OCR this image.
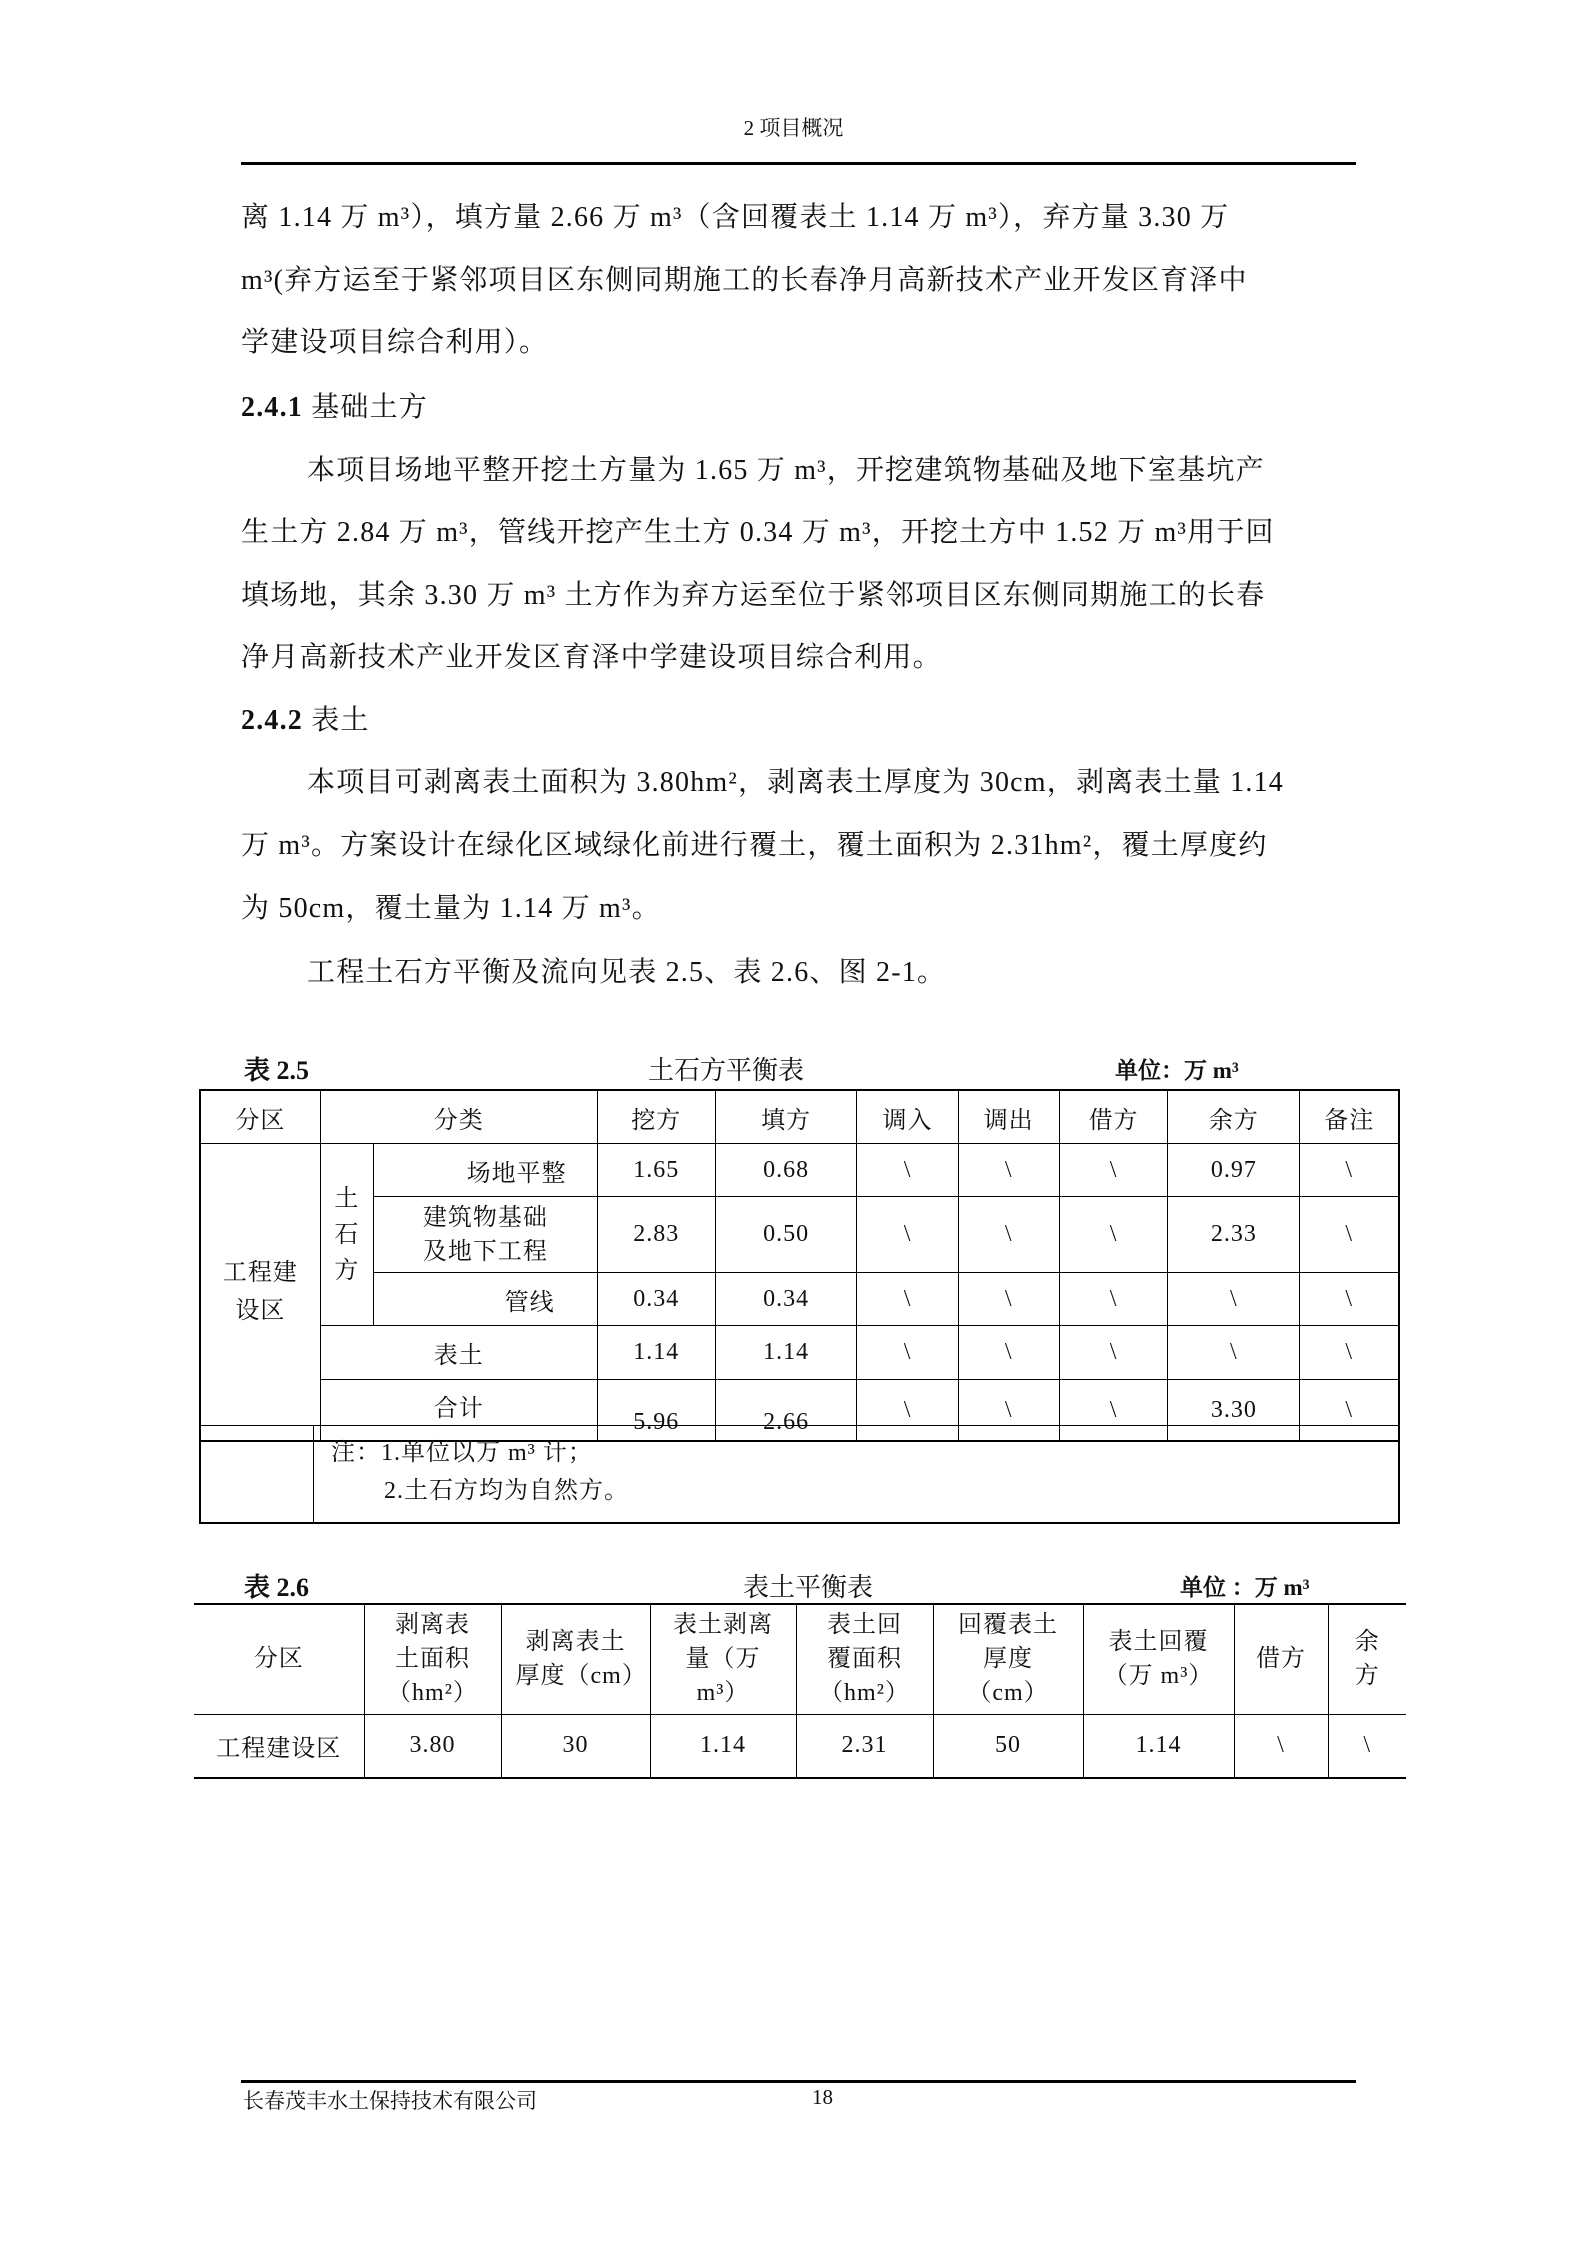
2 项目概况
离 1.14 万 m³），填方量 2.66 万 m³（含回覆表土 1.14 万 m³），弃方量 3.30 万
m³(弃方运至于紧邻项目区东侧同期施工的长春净月高新技术产业开发区育泽中
学建设项目综合利用）。
2.4.1 基础土方
本项目场地平整开挖土方量为 1.65 万 m³，开挖建筑物基础及地下室基坑产
生土方 2.84 万 m³，管线开挖产生土方 0.34 万 m³，开挖土方中 1.52 万 m³用于回
填场地，其余 3.30 万 m³ 土方作为弃方运至位于紧邻项目区东侧同期施工的长春
净月高新技术产业开发区育泽中学建设项目综合利用。
2.4.2 表土
本项目可剥离表土面积为 3.80hm²，剥离表土厚度为 30cm，剥离表土量 1.14
万 m³。方案设计在绿化区域绿化前进行覆土，覆土面积为 2.31hm²，覆土厚度约
为 50cm，覆土量为 1.14 万 m³。
工程土石方平衡及流向见表 2.5、表 2.6、图 2-1。
表 2.5	土石方平衡表	单位：万 m³
分区	分类		挖方	填方	调入	调出	借方	余方	备注
工程建设区	土石方	场地平整	1.65	0.68	\	\	\	0.97	\
		建筑物基础及地下工程	2.83	0.50	\	\	\	2.33	\
		管线	0.34	0.34	\	\	\	\	\
	表土		1.14	1.14	\	\	\	\	\
	合计		5.96	2.66	\	\	\	3.30	\
注：1.单位以万 m³ 计；
2.土石方均为自然方。
表 2.6	表土平衡表	单位 ：万 m³
分区	剥离表土面积（hm²）	剥离表土厚度（cm）	表土剥离量（万 m³）	表土回覆面积（hm²）	回覆表土厚度（cm）	表土回覆（万 m³）	借方	余方
工程建设区	3.80	30	1.14	2.31	50	1.14	\	\
长春茂丰水土保持技术有限公司	18
